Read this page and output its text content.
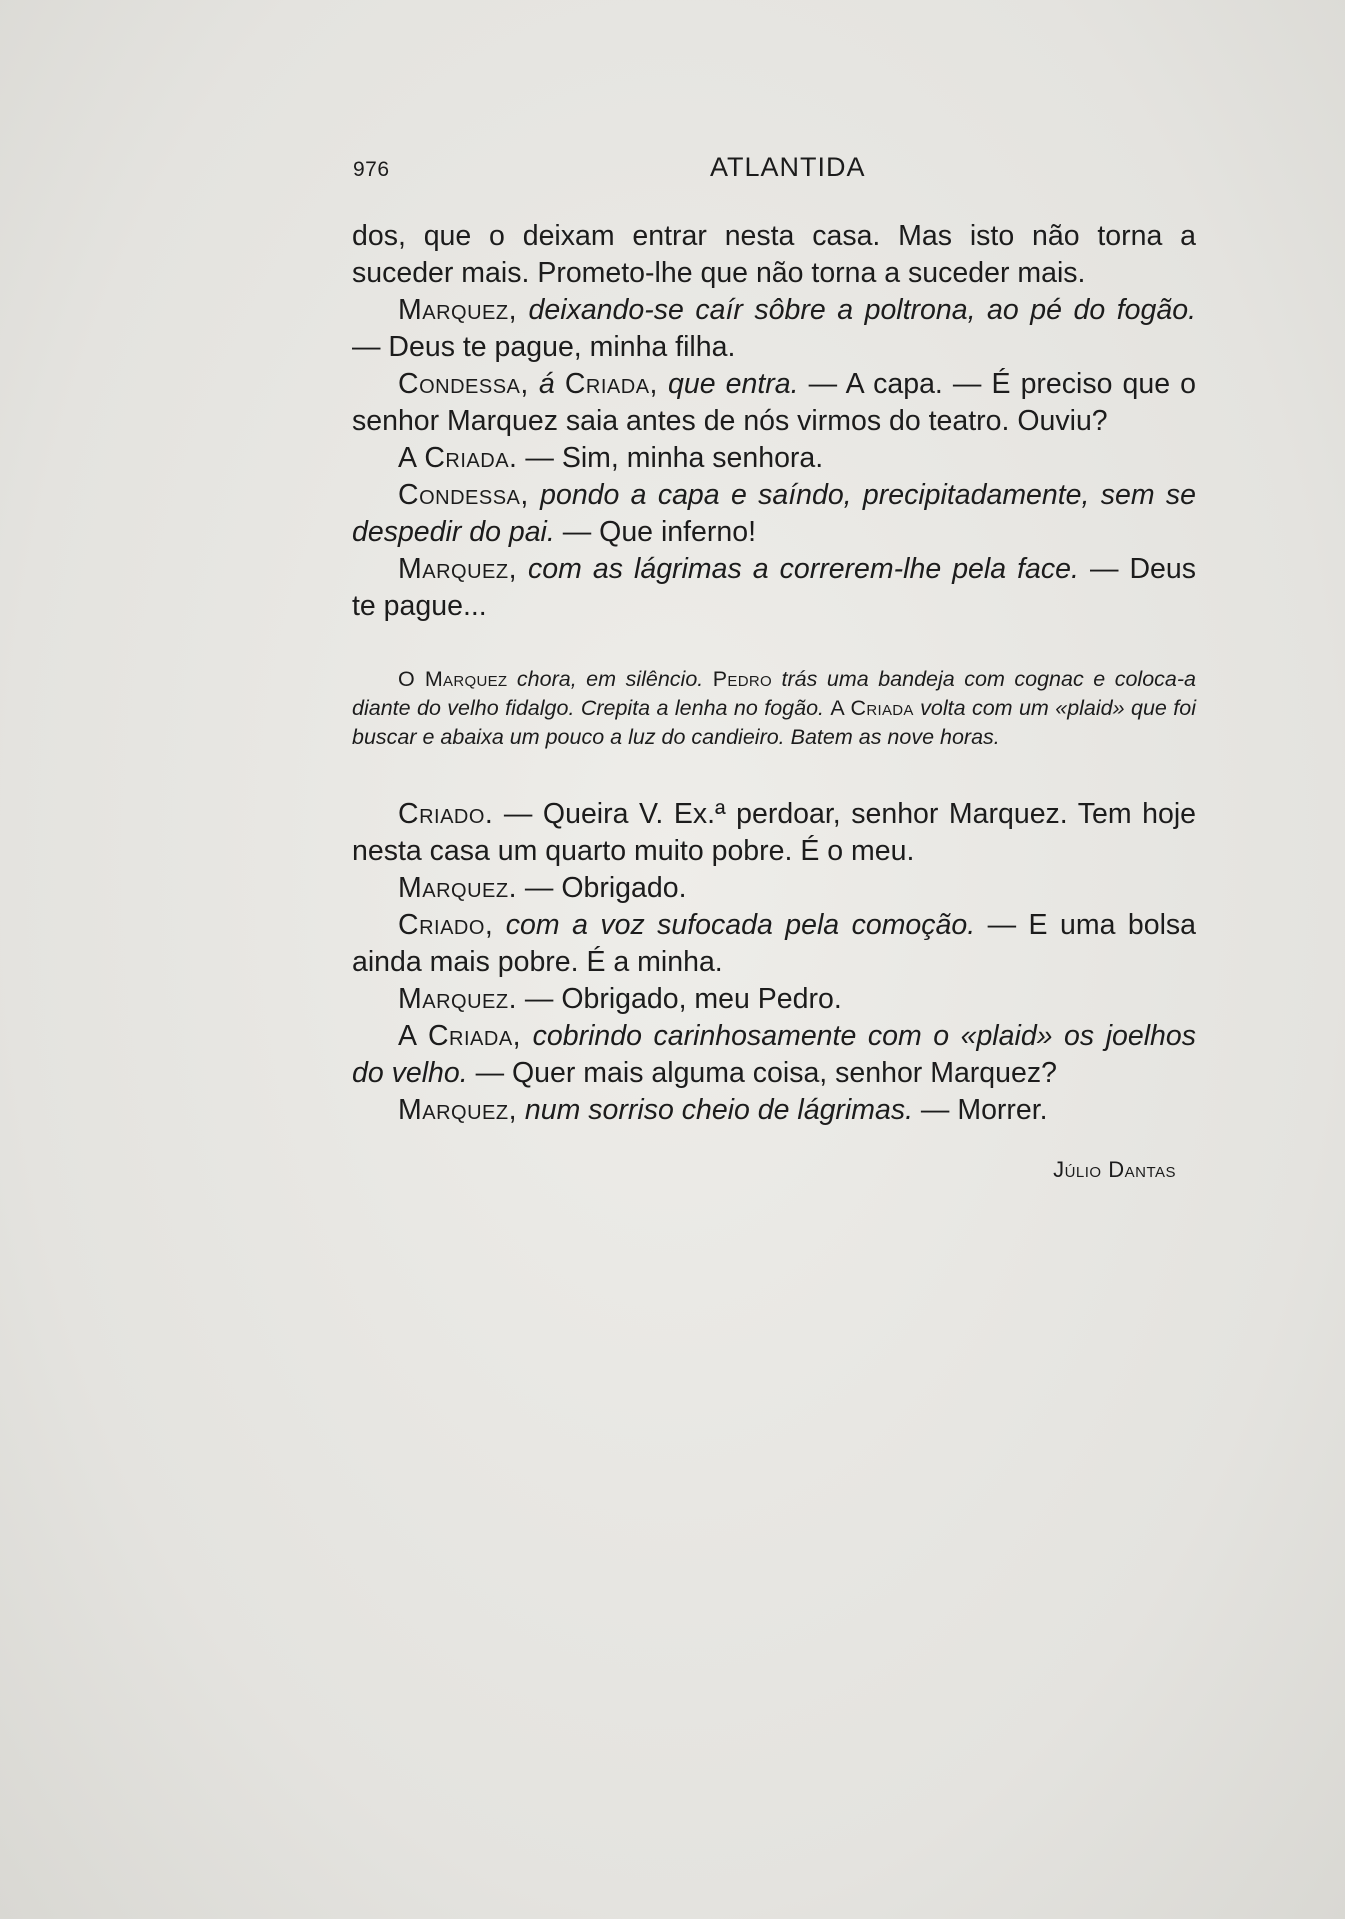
976	ATLANTIDA

dos, que o deixam entrar nesta casa. Mas isto não torna a suceder mais. Prometo-lhe que não torna a suceder mais.

Marquez, deixando-se caír sôbre a poltrona, ao pé do fogão. — Deus te pague, minha filha.

Condessa, á Criada, que entra. — A capa. — É preciso que o senhor Marquez saia antes de nós virmos do teatro. Ouviu?

A Criada. — Sim, minha senhora.

Condessa, pondo a capa e saíndo, precipitadamente, sem se despedir do pai. — Que inferno!

Marquez, com as lágrimas a correrem-lhe pela face. — Deus te pague...

O Marquez chora, em silêncio. Pedro trás uma bandeja com cognac e coloca-a diante do velho fidalgo. Crepita a lenha no fogão. A Criada volta com um «plaid» que foi buscar e abaixa um pouco a luz do candieiro. Batem as nove horas.

Criado. — Queira V. Ex.ª perdoar, senhor Marquez. Tem hoje nesta casa um quarto muito pobre. É o meu.

Marquez. — Obrigado.

Criado, com a voz sufocada pela comoção. — E uma bolsa ainda mais pobre. É a minha.

Marquez. — Obrigado, meu Pedro.

A Criada, cobrindo carinhosamente com o «plaid» os joelhos do velho. — Quer mais alguma coisa, senhor Marquez?

Marquez, num sorriso cheio de lágrimas. — Morrer.

Júlio Dantas
